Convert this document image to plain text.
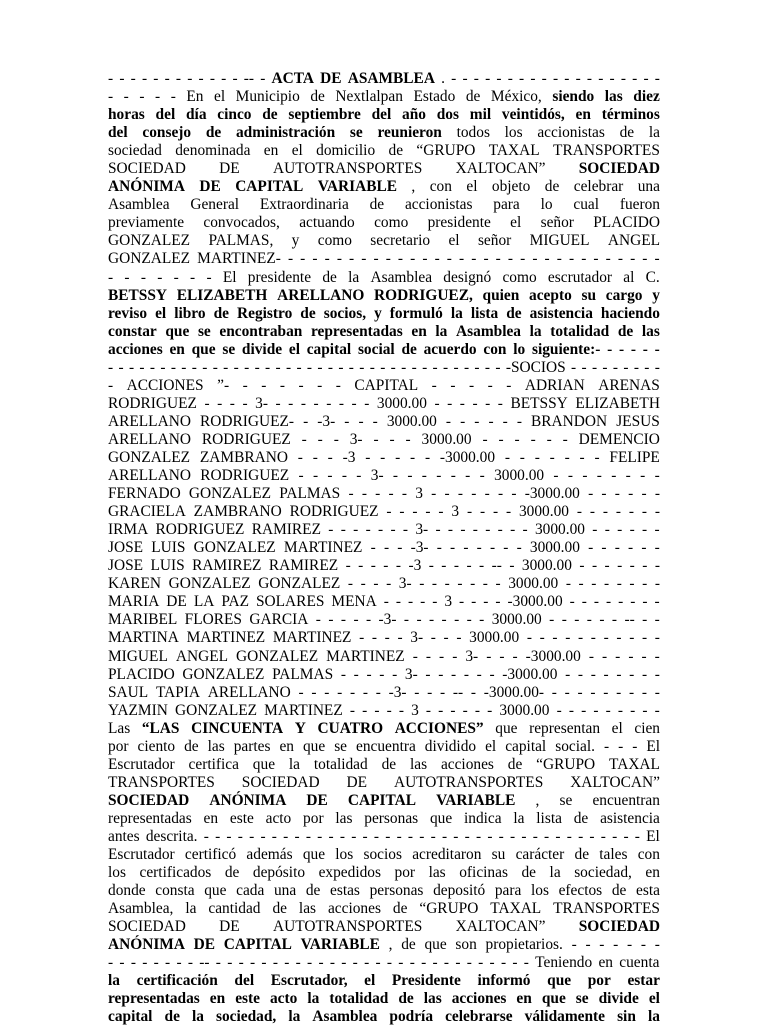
- - - - - - - - - - - - -- - ACTA DE ASAMBLEA . - - - - - - - - - - - - - - - - - - -
- - - - - En el Municipio de Nextlalpan Estado de México, siendo las diez
horas del día cinco de septiembre del año dos mil veintidós, en términos
del consejo de administración se reunieron todos los accionistas de la
sociedad denominada en el domicilio de “GRUPO TAXAL TRANSPORTES
SOCIEDAD DE AUTOTRANSPORTES XALTOCAN” SOCIEDAD
ANÓNIMA DE CAPITAL VARIABLE , con el objeto de celebrar una
Asamblea General Extraordinaria de accionistas para lo cual fueron
previamente convocados, actuando como presidente el señor PLACIDO
GONZALEZ PALMAS, y como secretario el señor MIGUEL ANGEL
GONZALEZ MARTINEZ- - - - - - - - - - - - - - - - - - - - - - - - - - - - - - - -
- - - - - - - El presidente de la Asamblea designó como escrutador al C.
BETSSY ELIZABETH ARELLANO RODRIGUEZ, quien acepto su cargo y
reviso el libro de Registro de socios, y formuló la lista de asistencia haciendo
constar que se encontraban representadas en la Asamblea la totalidad de las
acciones en que se divide el capital social de acuerdo con lo siguiente:- - - - - -
- - - - - - - - - - - - - - - - - - - - - - - - - - - - - - - - - - - - - - -SOCIOS - - - - - - - - -
- ACCIONES ”- - - - - - - CAPITAL - - - - - ADRIAN ARENAS
RODRIGUEZ - - - - 3- - - - - - - - - 3000.00 - - - - - - BETSSY ELIZABETH
ARELLANO RODRIGUEZ- - -3- - - - 3000.00 - - - - - - BRANDON JESUS
ARELLANO RODRIGUEZ - - - 3- - - - 3000.00 - - - - - - DEMENCIO
GONZALEZ ZAMBRANO - - - -3 - - - - - -3000.00 - - - - - - - FELIPE
ARELLANO RODRIGUEZ - - - - - 3- - - - - - - - 3000.00 - - - - - - - -
FERNADO GONZALEZ PALMAS - - - - - 3 - - - - - - - -3000.00 - - - - - -
GRACIELA ZAMBRANO RODRIGUEZ - - - - - 3 - - - - 3000.00 - - - - - - -
IRMA RODRIGUEZ RAMIREZ - - - - - - - 3- - - - - - - - - 3000.00 - - - - - -
JOSE LUIS GONZALEZ MARTINEZ - - - -3- - - - - - - - 3000.00 - - - - - -
JOSE LUIS RAMIREZ RAMIREZ - - - - - -3 - - - - - -- - 3000.00 - - - - - - -
KAREN GONZALEZ GONZALEZ - - - - 3- - - - - - - - 3000.00 - - - - - - - -
MARIA DE LA PAZ SOLARES MENA - - - - - 3 - - - - -3000.00 - - - - - - - -
MARIBEL FLORES GARCIA - - - - - -3- - - - - - - - 3000.00 - - - - - - -- - -
MARTINA MARTINEZ MARTINEZ - - - - 3- - - - 3000.00 - - - - - - - - - - -
MIGUEL ANGEL GONZALEZ MARTINEZ - - - - 3- - - - -3000.00 - - - - - -
PLACIDO GONZALEZ PALMAS - - - - - 3- - - - - - - -3000.00 - - - - - - - -
SAUL TAPIA ARELLANO - - - - - - - -3- - - - -- - -3000.00- - - - - - - - - -
YAZMIN GONZALEZ MARTINEZ - - - - - 3 - - - - - - 3000.00 - - - - - - - - -
Las “LAS CINCUENTA Y CUATRO ACCIONES” que representan el cien
por ciento de las partes en que se encuentra dividido el capital social. - - - El
Escrutador certifica que la totalidad de las acciones de “GRUPO TAXAL
TRANSPORTES SOCIEDAD DE AUTOTRANSPORTES XALTOCAN”
SOCIEDAD ANÓNIMA DE CAPITAL VARIABLE , se encuentran
representadas en este acto por las personas que indica la lista de asistencia
antes descrita. - - - - - - - - - - - - - - - - - - - - - - - - - - - - - - - - - - - - - - - El
Escrutador certificó además que los socios acreditaron su carácter de tales con
los certificados de depósito expedidos por las oficinas de la sociedad, en
donde consta que cada una de estas personas depositó para los efectos de esta
Asamblea, la cantidad de las acciones de “GRUPO TAXAL TRANSPORTES
SOCIEDAD DE AUTOTRANSPORTES XALTOCAN” SOCIEDAD
ANÓNIMA DE CAPITAL VARIABLE , de que son propietarios. - - - - - - -
- - - - - - - - -- - - - - - - - - - - - - - - - - - - - - - - - - - - - - Teniendo en cuenta
la certificación del Escrutador, el Presidente informó que por estar
representadas en este acto la totalidad de las acciones en que se divide el
capital de la sociedad, la Asamblea podría celebrarse válidamente sin la
